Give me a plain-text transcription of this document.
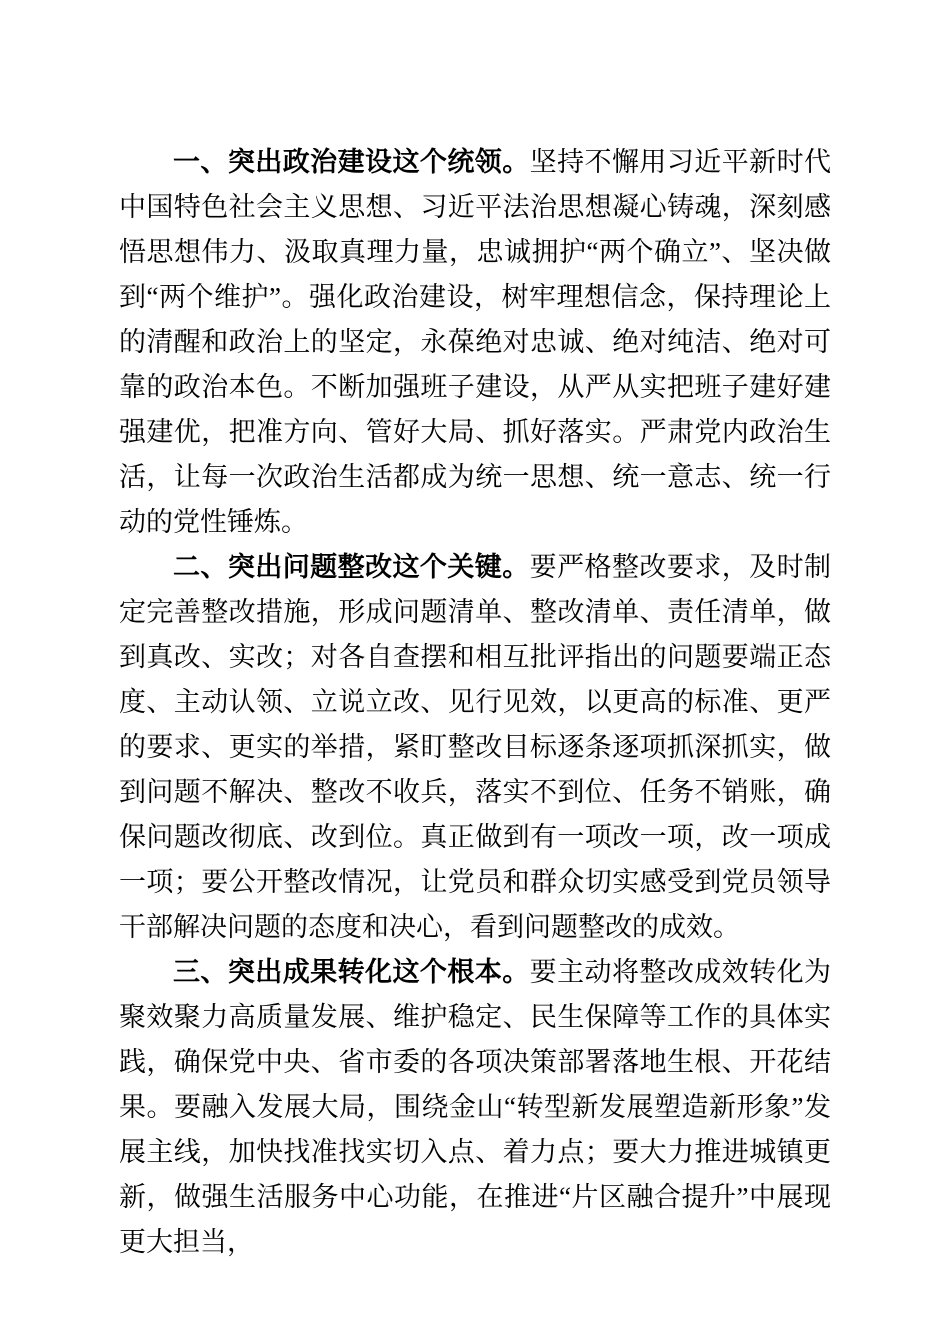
一、突出政治建设这个统领。坚持不懈用习近平新时代中国特色社会主义思想、习近平法治思想凝心铸魂，深刻感悟思想伟力、汲取真理力量，忠诚拥护“两个确立”、坚决做到“两个维护”。强化政治建设，树牢理想信念，保持理论上的清醒和政治上的坚定，永葆绝对忠诚、绝对纯洁、绝对可靠的政治本色。不断加强班子建设，从严从实把班子建好建强建优，把准方向、管好大局、抓好落实。严肃党内政治生活，让每一次政治生活都成为统一思想、统一意志、统一行动的党性锤炼。

二、突出问题整改这个关键。要严格整改要求，及时制定完善整改措施，形成问题清单、整改清单、责任清单，做到真改、实改；对各自查摆和相互批评指出的问题要端正态度、主动认领、立说立改、见行见效，以更高的标准、更严的要求、更实的举措，紧盯整改目标逐条逐项抓深抓实，做到问题不解决、整改不收兵，落实不到位、任务不销账，确保问题改彻底、改到位。真正做到有一项改一项，改一项成一项；要公开整改情况，让党员和群众切实感受到党员领导干部解决问题的态度和决心，看到问题整改的成效。

三、突出成果转化这个根本。要主动将整改成效转化为聚效聚力高质量发展、维护稳定、民生保障等工作的具体实践，确保党中央、省市委的各项决策部署落地生根、开花结果。要融入发展大局，围绕金山“转型新发展塑造新形象”发展主线，加快找准找实切入点、着力点；要大力推进城镇更新，做强生活服务中心功能，在推进“片区融合提升”中展现更大担当，
